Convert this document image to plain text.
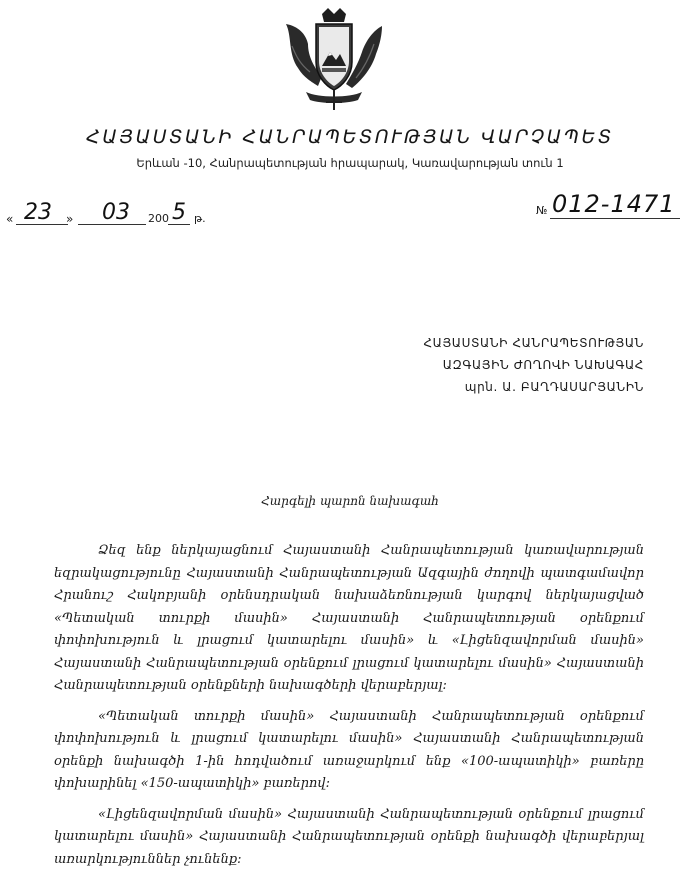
ՀԱՅԱՍՏԱՆԻ ՀԱՆՐԱՊԵՏՈՒԹՅԱՆ ՎԱՐՉԱՊԵՏ
Երևան -10, Հանրապետության հրապարակ, Կառավարության տուն 1
« 23 » 03 200 5 թ.
№ 012-1471
ՀԱՅԱՍՏԱՆԻ ՀԱՆՐԱՊԵՏՈՒԹՅԱՆ
ԱԶԳԱՅԻՆ ԺՈՂՈՎԻ ՆԱԽԱԳԱՀ
պրն. Ա. ԲԱՂԴԱՍԱՐՅԱՆԻՆ
Հարգելի պարոն նախագահ

Ձեզ ենք ներկայացնում Հայաստանի Հանրապետության կառավարության եզրակացությունը Հայաստանի Հանրապետության Ազգային ժողովի պատգամավոր Հրանուշ Հակոբյանի օրենսդրական նախաձեռնության կարգով ներկայացված «Պետական տուրքի մասին» Հայաստանի Հանրապետության օրենքում փոփոխություն և լրացում կատարելու մասին» և «Լիցենզավորման մասին» Հայաստանի Հանրապետության օրենքում լրացում կատարելու մասին» Հայաստանի Հանրապետության օրենքների նախագծերի վերաբերյալ:

«Պետական տուրքի մասին» Հայաստանի Հանրապետության օրենքում փոփոխություն և լրացում կատարելու մասին» Հայաստանի Հանրապետության օրենքի նախագծի 1-ին հոդվածում առաջարկում ենք «100-ապատիկի» բառերը փոխարինել «150-ապատիկի» բառերով:

«Լիցենզավորման մասին» Հայաստանի Հանրապետության օրենքում լրացում կատարելու մասին» Հայաստանի Հանրապետության օրենքի նախագծի վերաբերյալ առարկություններ չունենք:
